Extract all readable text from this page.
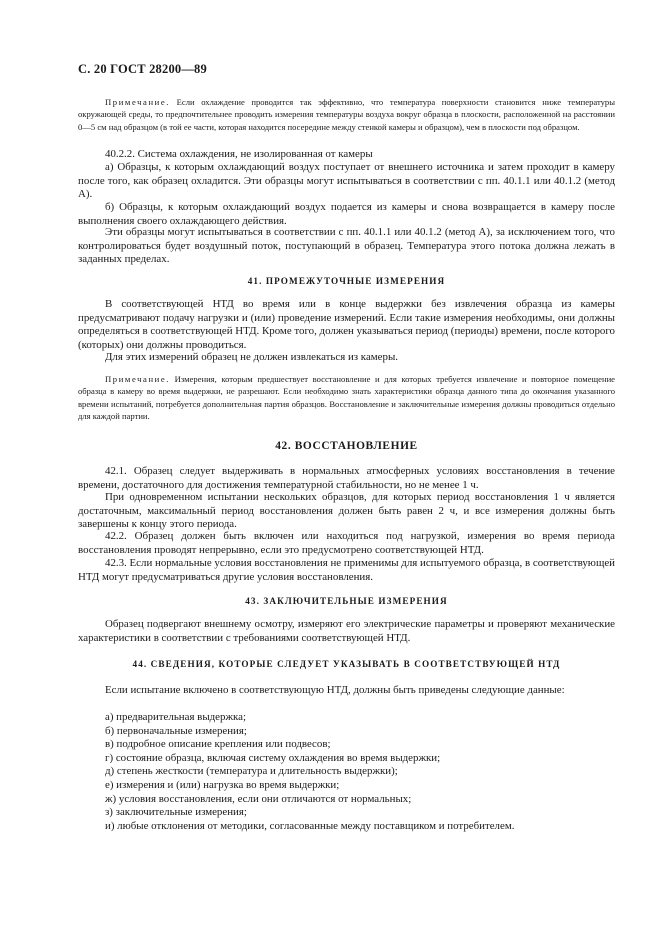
С. 20 ГОСТ 28200—89
Примечание. Если охлаждение проводится так эффективно, что температура поверхности становится ниже температуры окружающей среды, то предпочтительнее проводить измерения температуры воздуха вокруг образца в плоскости, расположенной на расстоянии 0—5 см над образцом (в той ее части, которая находится посередине между стенкой камеры и образцом), чем в плоскости под образцом.
40.2.2. Система охлаждения, не изолированная от камеры
а) Образцы, к которым охлаждающий воздух поступает от внешнего источника и затем проходит в камеру после того, как образец охладится. Эти образцы могут испытываться в соответствии с пп. 40.1.1 или 40.1.2 (метод А).
б) Образцы, к которым охлаждающий воздух подается из камеры и снова возвращается в камеру после выполнения своего охлаждающего действия.
Эти образцы могут испытываться в соответствии с пп. 40.1.1 или 40.1.2 (метод А), за исключением того, что контролироваться будет воздушный поток, поступающий в образец. Температура этого потока должна лежать в заданных пределах.
41. ПРОМЕЖУТОЧНЫЕ ИЗМЕРЕНИЯ
В соответствующей НТД во время или в конце выдержки без извлечения образца из камеры предусматривают подачу нагрузки и (или) проведение измерений. Если такие измерения необходимы, они должны определяться в соответствующей НТД. Кроме того, должен указываться период (периоды) времени, после которого (которых) они должны проводиться.
Для этих измерений образец не должен извлекаться из камеры.
Примечание. Измерения, которым предшествует восстановление и для которых требуется извлечение и повторное помещение образца в камеру во время выдержки, не разрешают. Если необходимо знать характеристики образца данного типа до окончания указанного времени испытаний, потребуется дополнительная партия образцов. Восстановление и заключительные измерения должны проводиться отдельно для каждой партии.
42. ВОССТАНОВЛЕНИЕ
42.1. Образец следует выдерживать в нормальных атмосферных условиях восстановления в течение времени, достаточного для достижения температурной стабильности, но не менее 1 ч.
При одновременном испытании нескольких образцов, для которых период восстановления 1 ч является достаточным, максимальный период восстановления должен быть равен 2 ч, и все измерения должны быть завершены к концу этого периода.
42.2. Образец должен быть включен или находиться под нагрузкой, измерения во время периода восстановления проводят непрерывно, если это предусмотрено соответствующей НТД.
42.3. Если нормальные условия восстановления не применимы для испытуемого образца, в соответствующей НТД могут предусматриваться другие условия восстановления.
43. ЗАКЛЮЧИТЕЛЬНЫЕ ИЗМЕРЕНИЯ
Образец подвергают внешнему осмотру, измеряют его электрические параметры и проверяют механические характеристики в соответствии с требованиями соответствующей НТД.
44. СВЕДЕНИЯ, КОТОРЫЕ СЛЕДУЕТ УКАЗЫВАТЬ В СООТВЕТСТВУЮЩЕЙ НТД
Если испытание включено в соответствующую НТД, должны быть приведены следующие данные:
а) предварительная выдержка;
б) первоначальные измерения;
в) подробное описание крепления или подвесов;
г) состояние образца, включая систему охлаждения во время выдержки;
д) степень жесткости (температура и длительность выдержки);
е) измерения и (или) нагрузка во время выдержки;
ж) условия восстановления, если они отличаются от нормальных;
з) заключительные измерения;
и) любые отклонения от методики, согласованные между поставщиком и потребителем.
